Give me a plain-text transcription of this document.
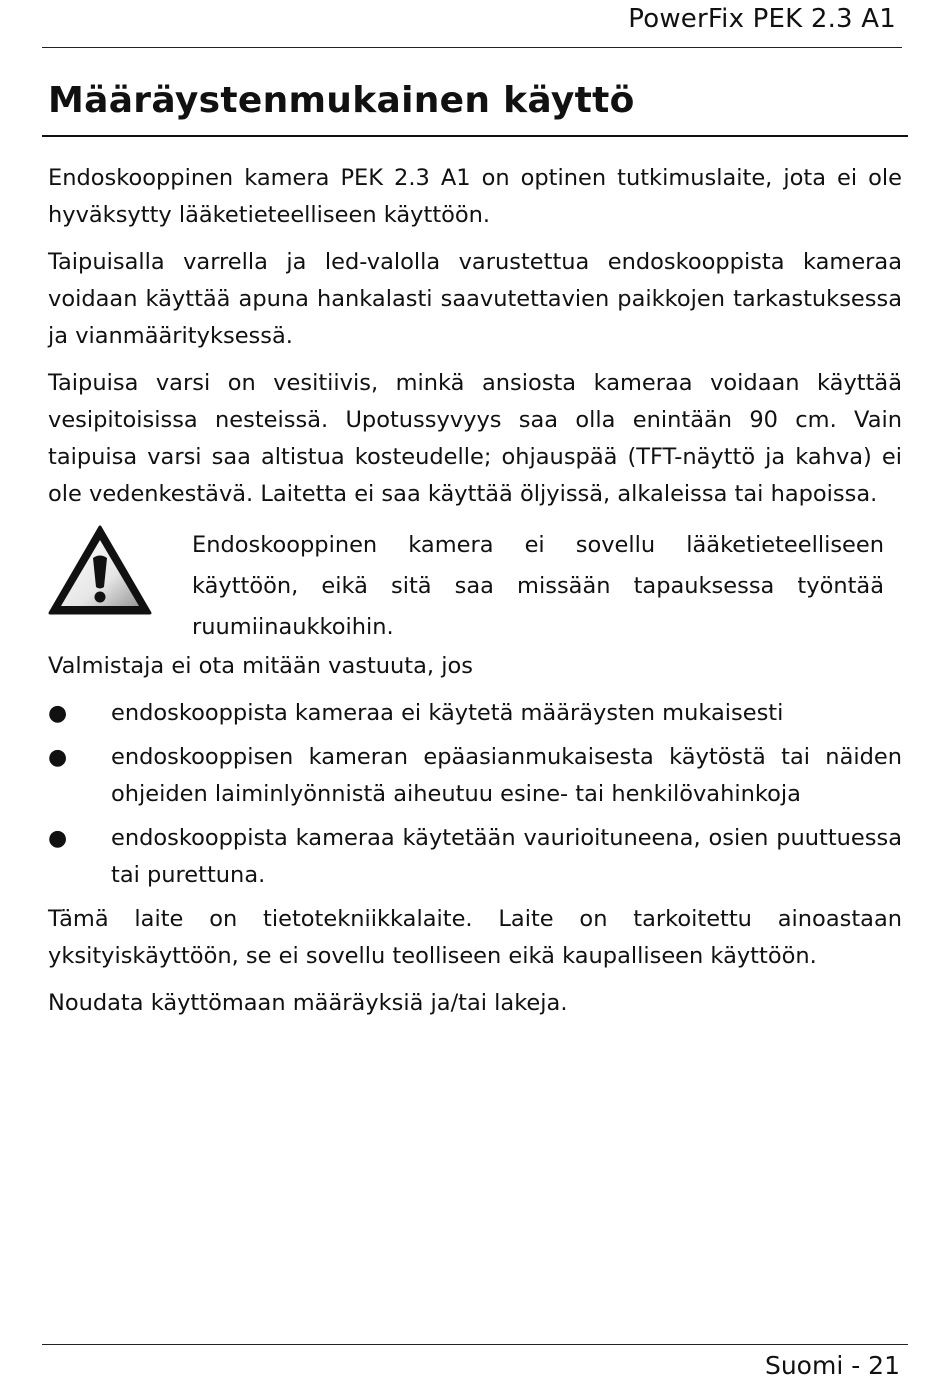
PowerFix PEK 2.3 A1
Määräystenmukainen käyttö

Endoskooppinen kamera PEK 2.3 A1 on optinen tutkimuslaite, jota ei ole hyväksytty lääketieteelliseen käyttöön.

Taipuisalla varrella ja led-valolla varustettua endoskooppista kameraa voidaan käyttää apuna hankalasti saavutettavien paikkojen tarkastuksessa ja vianmäärityksessä.

Taipuisa varsi on vesitiivis, minkä ansiosta kameraa voidaan käyttää vesipitoisissa nesteissä. Upotussyvyys saa olla enintään 90 cm. Vain taipuisa varsi saa altistua kosteudelle; ohjauspää (TFT-näyttö ja kahva) ei ole vedenkestävä. Laitetta ei saa käyttää öljyissä, alkaleissa tai hapoissa.

Endoskooppinen kamera ei sovellu lääketieteelliseen käyttöön, eikä sitä saa missään tapauksessa työntää ruumiinaukkoihin.

Valmistaja ei ota mitään vastuuta, jos

● endoskooppista kameraa ei käytetä määräysten mukaisesti
● endoskooppisen kameran epäasianmukaisesta käytöstä tai näiden ohjeiden laiminlyönnistä aiheutuu esine- tai henkilövahinkoja
● endoskooppista kameraa käytetään vaurioituneena, osien puuttuessa tai purettuna.

Tämä laite on tietotekniikkalaite. Laite on tarkoitettu ainoastaan yksityiskäyttöön, se ei sovellu teolliseen eikä kaupalliseen käyttöön.

Noudata käyttömaan määräyksiä ja/tai lakeja.

Suomi - 21
